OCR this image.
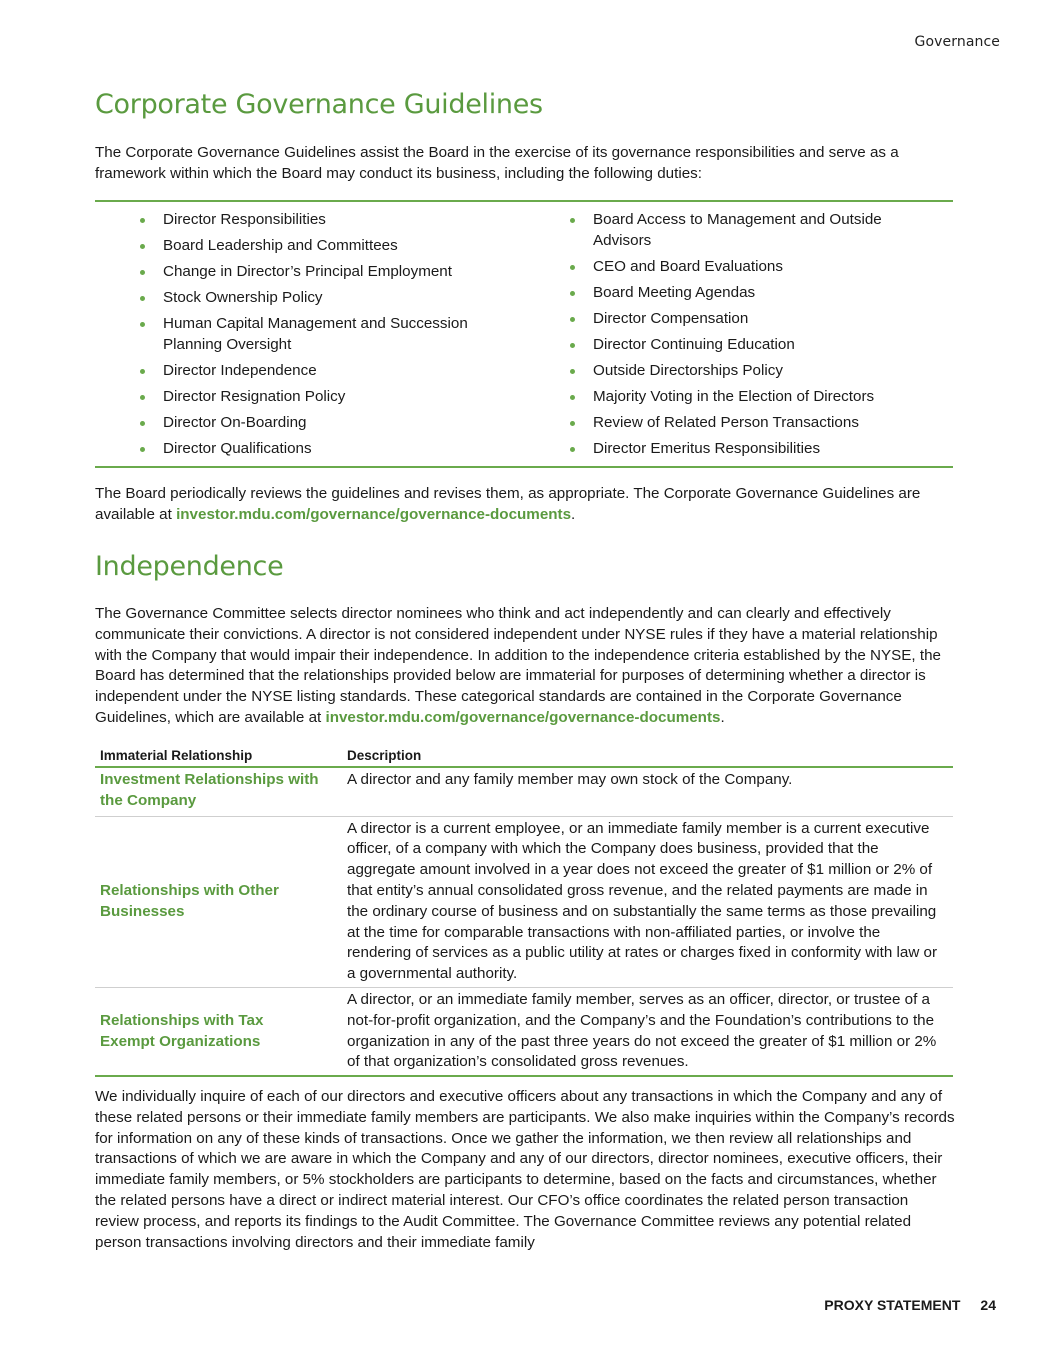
Governance
Corporate Governance Guidelines

The Corporate Governance Guidelines assist the Board in the exercise of its governance responsibilities and serve as a framework within which the Board may conduct its business, including the following duties:

Director Responsibilities
Board Leadership and Committees
Change in Director’s Principal Employment
Stock Ownership Policy
Human Capital Management and Succession Planning Oversight
Director Independence
Director Resignation Policy
Director On-Boarding
Director Qualifications
Board Access to Management and Outside Advisors
CEO and Board Evaluations
Board Meeting Agendas
Director Compensation
Director Continuing Education
Outside Directorships Policy
Majority Voting in the Election of Directors
Review of Related Person Transactions
Director Emeritus Responsibilities

The Board periodically reviews the guidelines and revises them, as appropriate. The Corporate Governance Guidelines are available at investor.mdu.com/governance/governance-documents.

Independence

The Governance Committee selects director nominees who think and act independently and can clearly and effectively communicate their convictions. A director is not considered independent under NYSE rules if they have a material relationship with the Company that would impair their independence. In addition to the independence criteria established by the NYSE, the Board has determined that the relationships provided below are immaterial for purposes of determining whether a director is independent under the NYSE listing standards. These categorical standards are contained in the Corporate Governance Guidelines, which are available at investor.mdu.com/governance/governance-documents.

Immaterial Relationship	Description
Investment Relationships with the Company	A director and any family member may own stock of the Company.
Relationships with Other Businesses	A director is a current employee, or an immediate family member is a current executive officer, of a company with which the Company does business, provided that the aggregate amount involved in a year does not exceed the greater of $1 million or 2% of that entity’s annual consolidated gross revenue, and the related payments are made in the ordinary course of business and on substantially the same terms as those prevailing at the time for comparable transactions with non-affiliated parties, or involve the rendering of services as a public utility at rates or charges fixed in conformity with law or a governmental authority.
Relationships with Tax Exempt Organizations	A director, or an immediate family member, serves as an officer, director, or trustee of a not-for-profit organization, and the Company’s and the Foundation’s contributions to the organization in any of the past three years do not exceed the greater of $1 million or 2% of that organization’s consolidated gross revenues.

We individually inquire of each of our directors and executive officers about any transactions in which the Company and any of these related persons or their immediate family members are participants. We also make inquiries within the Company’s records for information on any of these kinds of transactions. Once we gather the information, we then review all relationships and transactions of which we are aware in which the Company and any of our directors, director nominees, executive officers, their immediate family members, or 5% stockholders are participants to determine, based on the facts and circumstances, whether the related persons have a direct or indirect material interest. Our CFO’s office coordinates the related person transaction review process, and reports its findings to the Audit Committee. The Governance Committee reviews any potential related person transactions involving directors and their immediate family

PROXY STATEMENT 24
